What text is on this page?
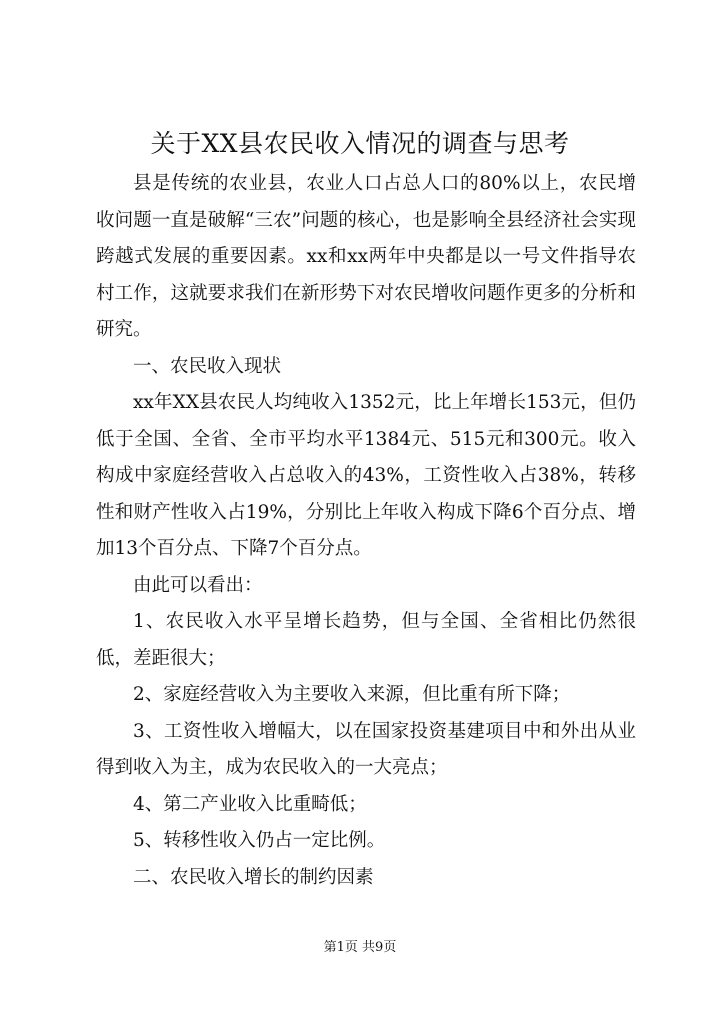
关于XX县农民收入情况的调查与思考

县是传统的农业县，农业人口占总人口的80%以上，农民增收问题一直是破解“三农”问题的核心，也是影响全县经济社会实现跨越式发展的重要因素。xx和xx两年中央都是以一号文件指导农村工作，这就要求我们在新形势下对农民增收问题作更多的分析和研究。

一、农民收入现状

xx年XX县农民人均纯收入1352元，比上年增长153元，但仍低于全国、全省、全市平均水平1384元、515元和300元。收入构成中家庭经营收入占总收入的43%，工资性收入占38%，转移性和财产性收入占19%，分别比上年收入构成下降6个百分点、增加13个百分点、下降7个百分点。

由此可以看出：

1、农民收入水平呈增长趋势，但与全国、全省相比仍然很低，差距很大；

2、家庭经营收入为主要收入来源，但比重有所下降；

3、工资性收入增幅大，以在国家投资基建项目中和外出从业得到收入为主，成为农民收入的一大亮点；

4、第二产业收入比重畸低；

5、转移性收入仍占一定比例。

二、农民收入增长的制约因素

第1页 共9页
